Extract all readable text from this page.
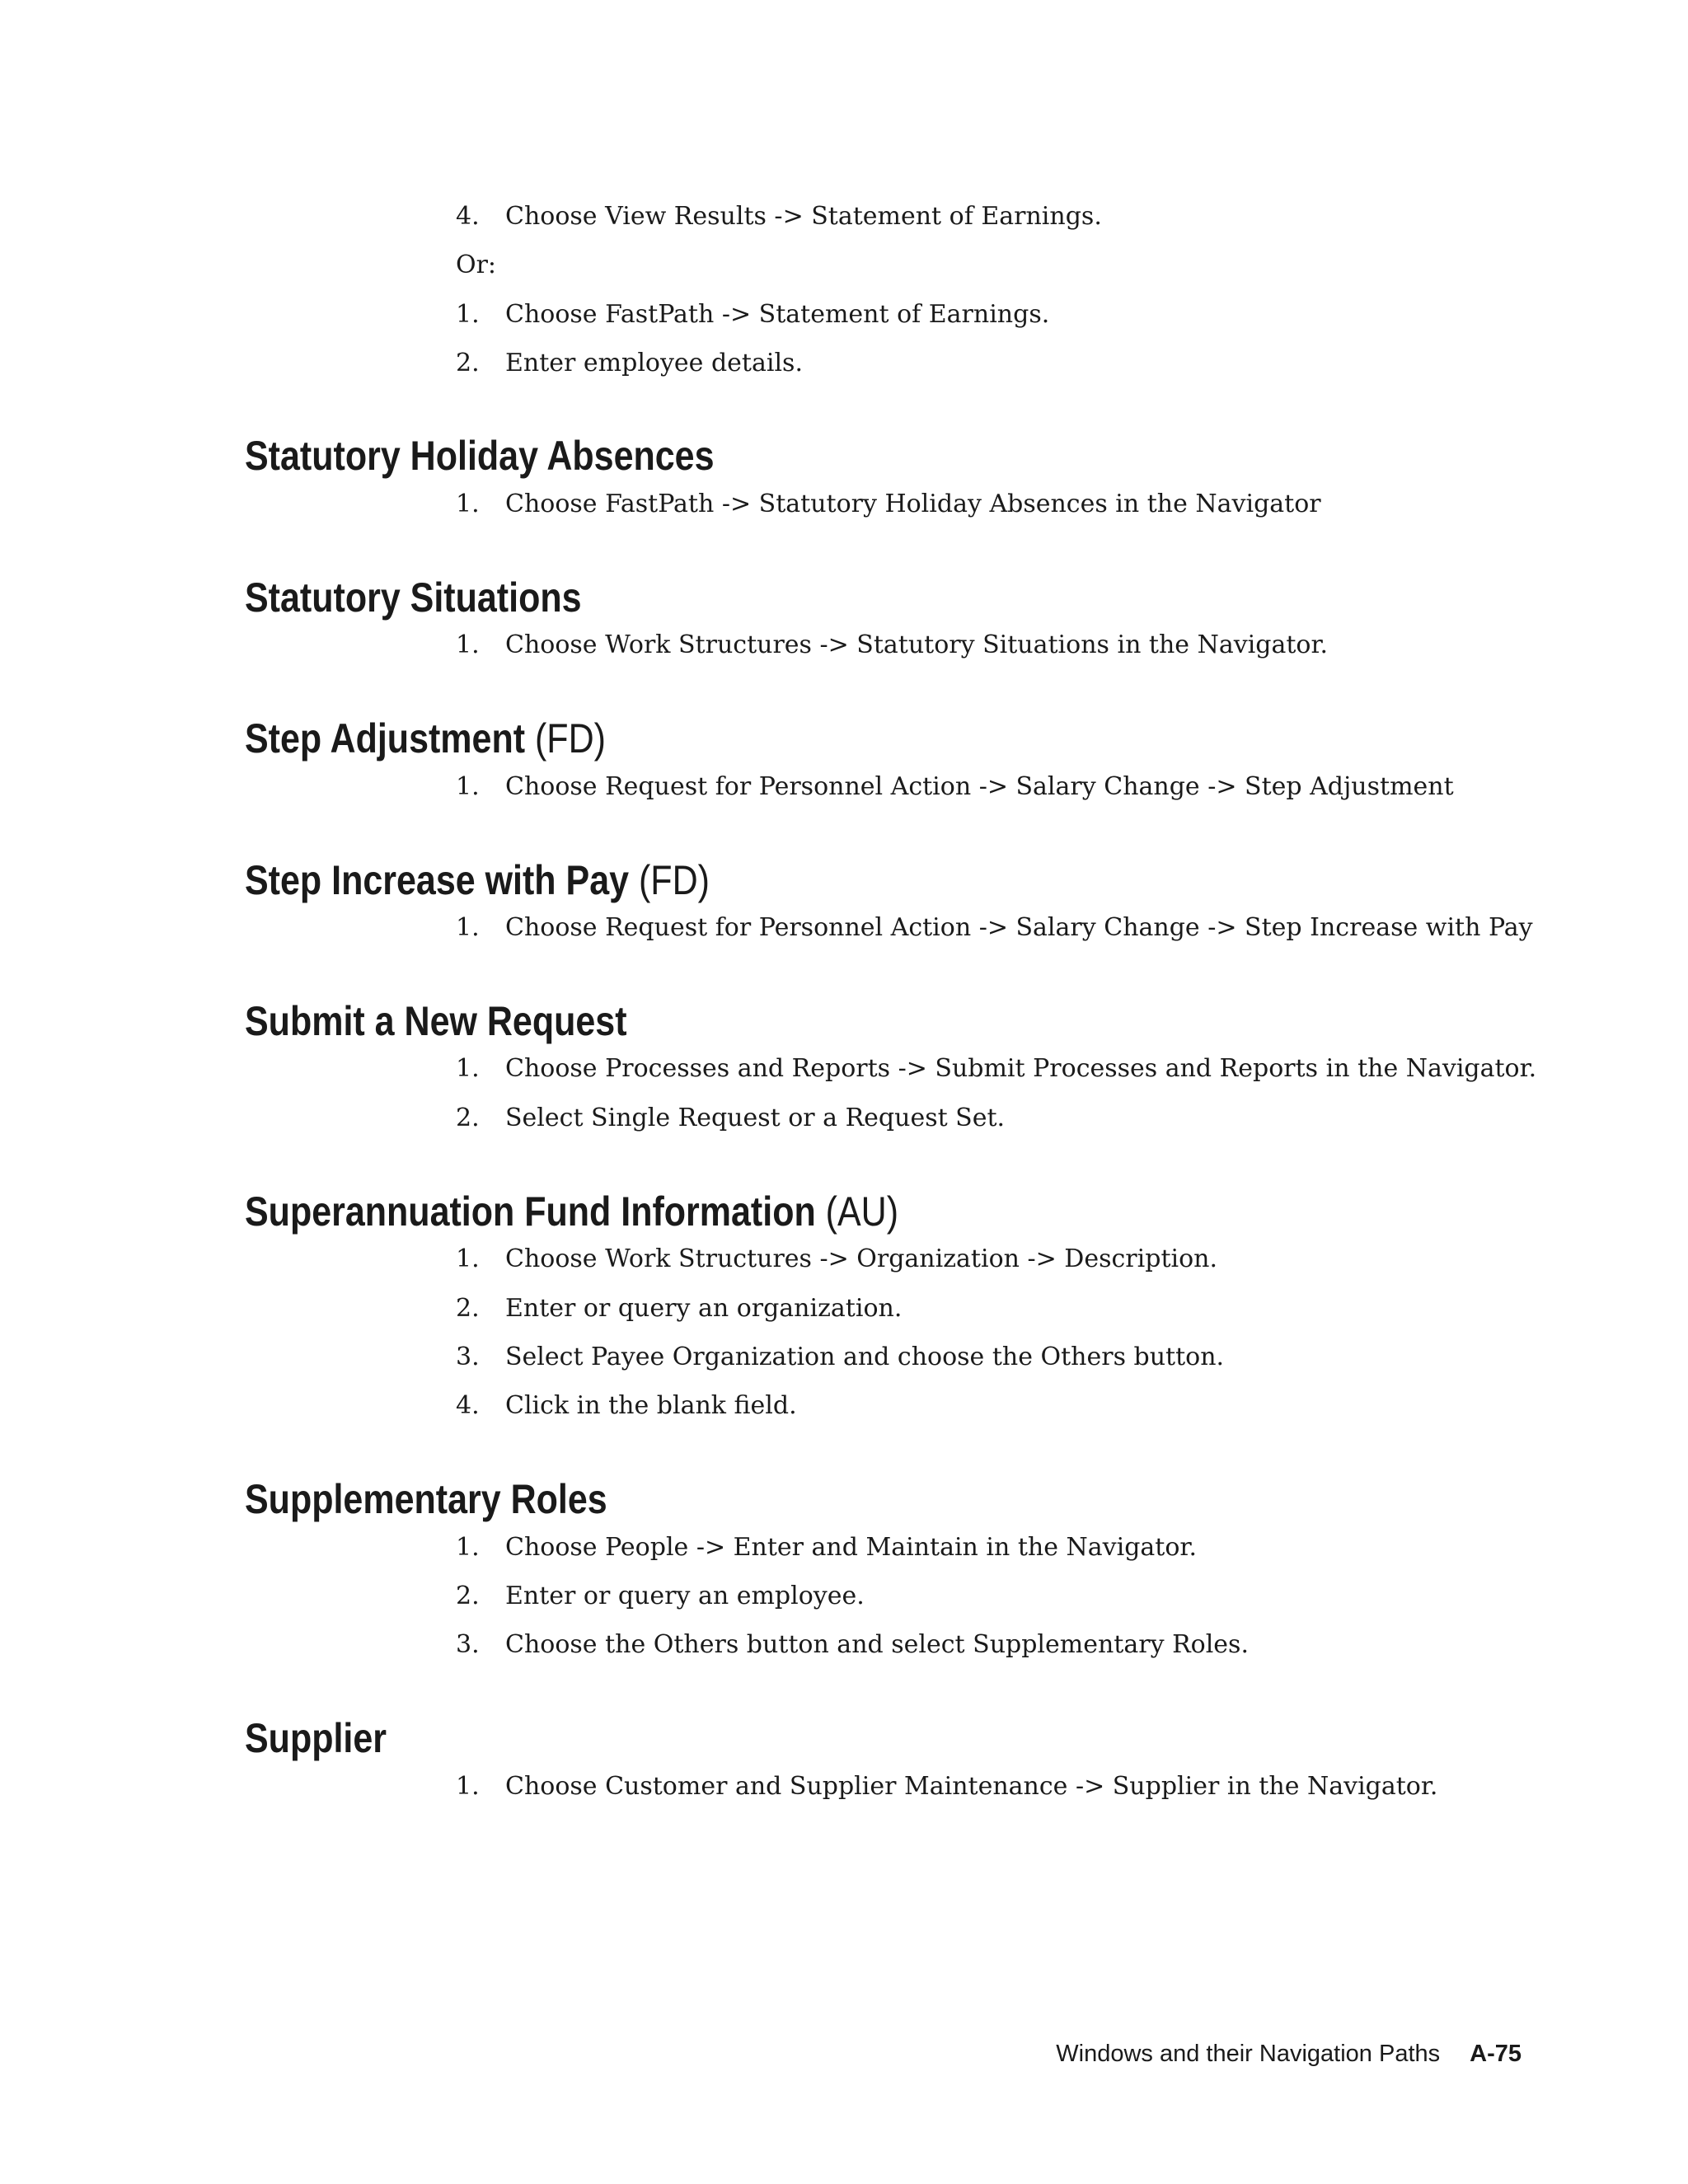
4. Choose View Results -> Statement of Earnings.
Or:
1. Choose FastPath -> Statement of Earnings.
2. Enter employee details.
Statutory Holiday Absences
1. Choose FastPath -> Statutory Holiday Absences in the Navigator
Statutory Situations
1. Choose Work Structures -> Statutory Situations in the Navigator.
Step Adjustment (FD)
1. Choose Request for Personnel Action -> Salary Change -> Step Adjustment
Step Increase with Pay (FD)
1. Choose Request for Personnel Action -> Salary Change -> Step Increase with Pay
Submit a New Request
1. Choose Processes and Reports -> Submit Processes and Reports in the Navigator.
2. Select Single Request or a Request Set.
Superannuation Fund Information (AU)
1. Choose Work Structures -> Organization -> Description.
2. Enter or query an organization.
3. Select Payee Organization and choose the Others button.
4. Click in the blank field.
Supplementary Roles
1. Choose People -> Enter and Maintain in the Navigator.
2. Enter or query an employee.
3. Choose the Others button and select Supplementary Roles.
Supplier
1. Choose Customer and Supplier Maintenance -> Supplier in the Navigator.
Windows and their Navigation Paths A-75
